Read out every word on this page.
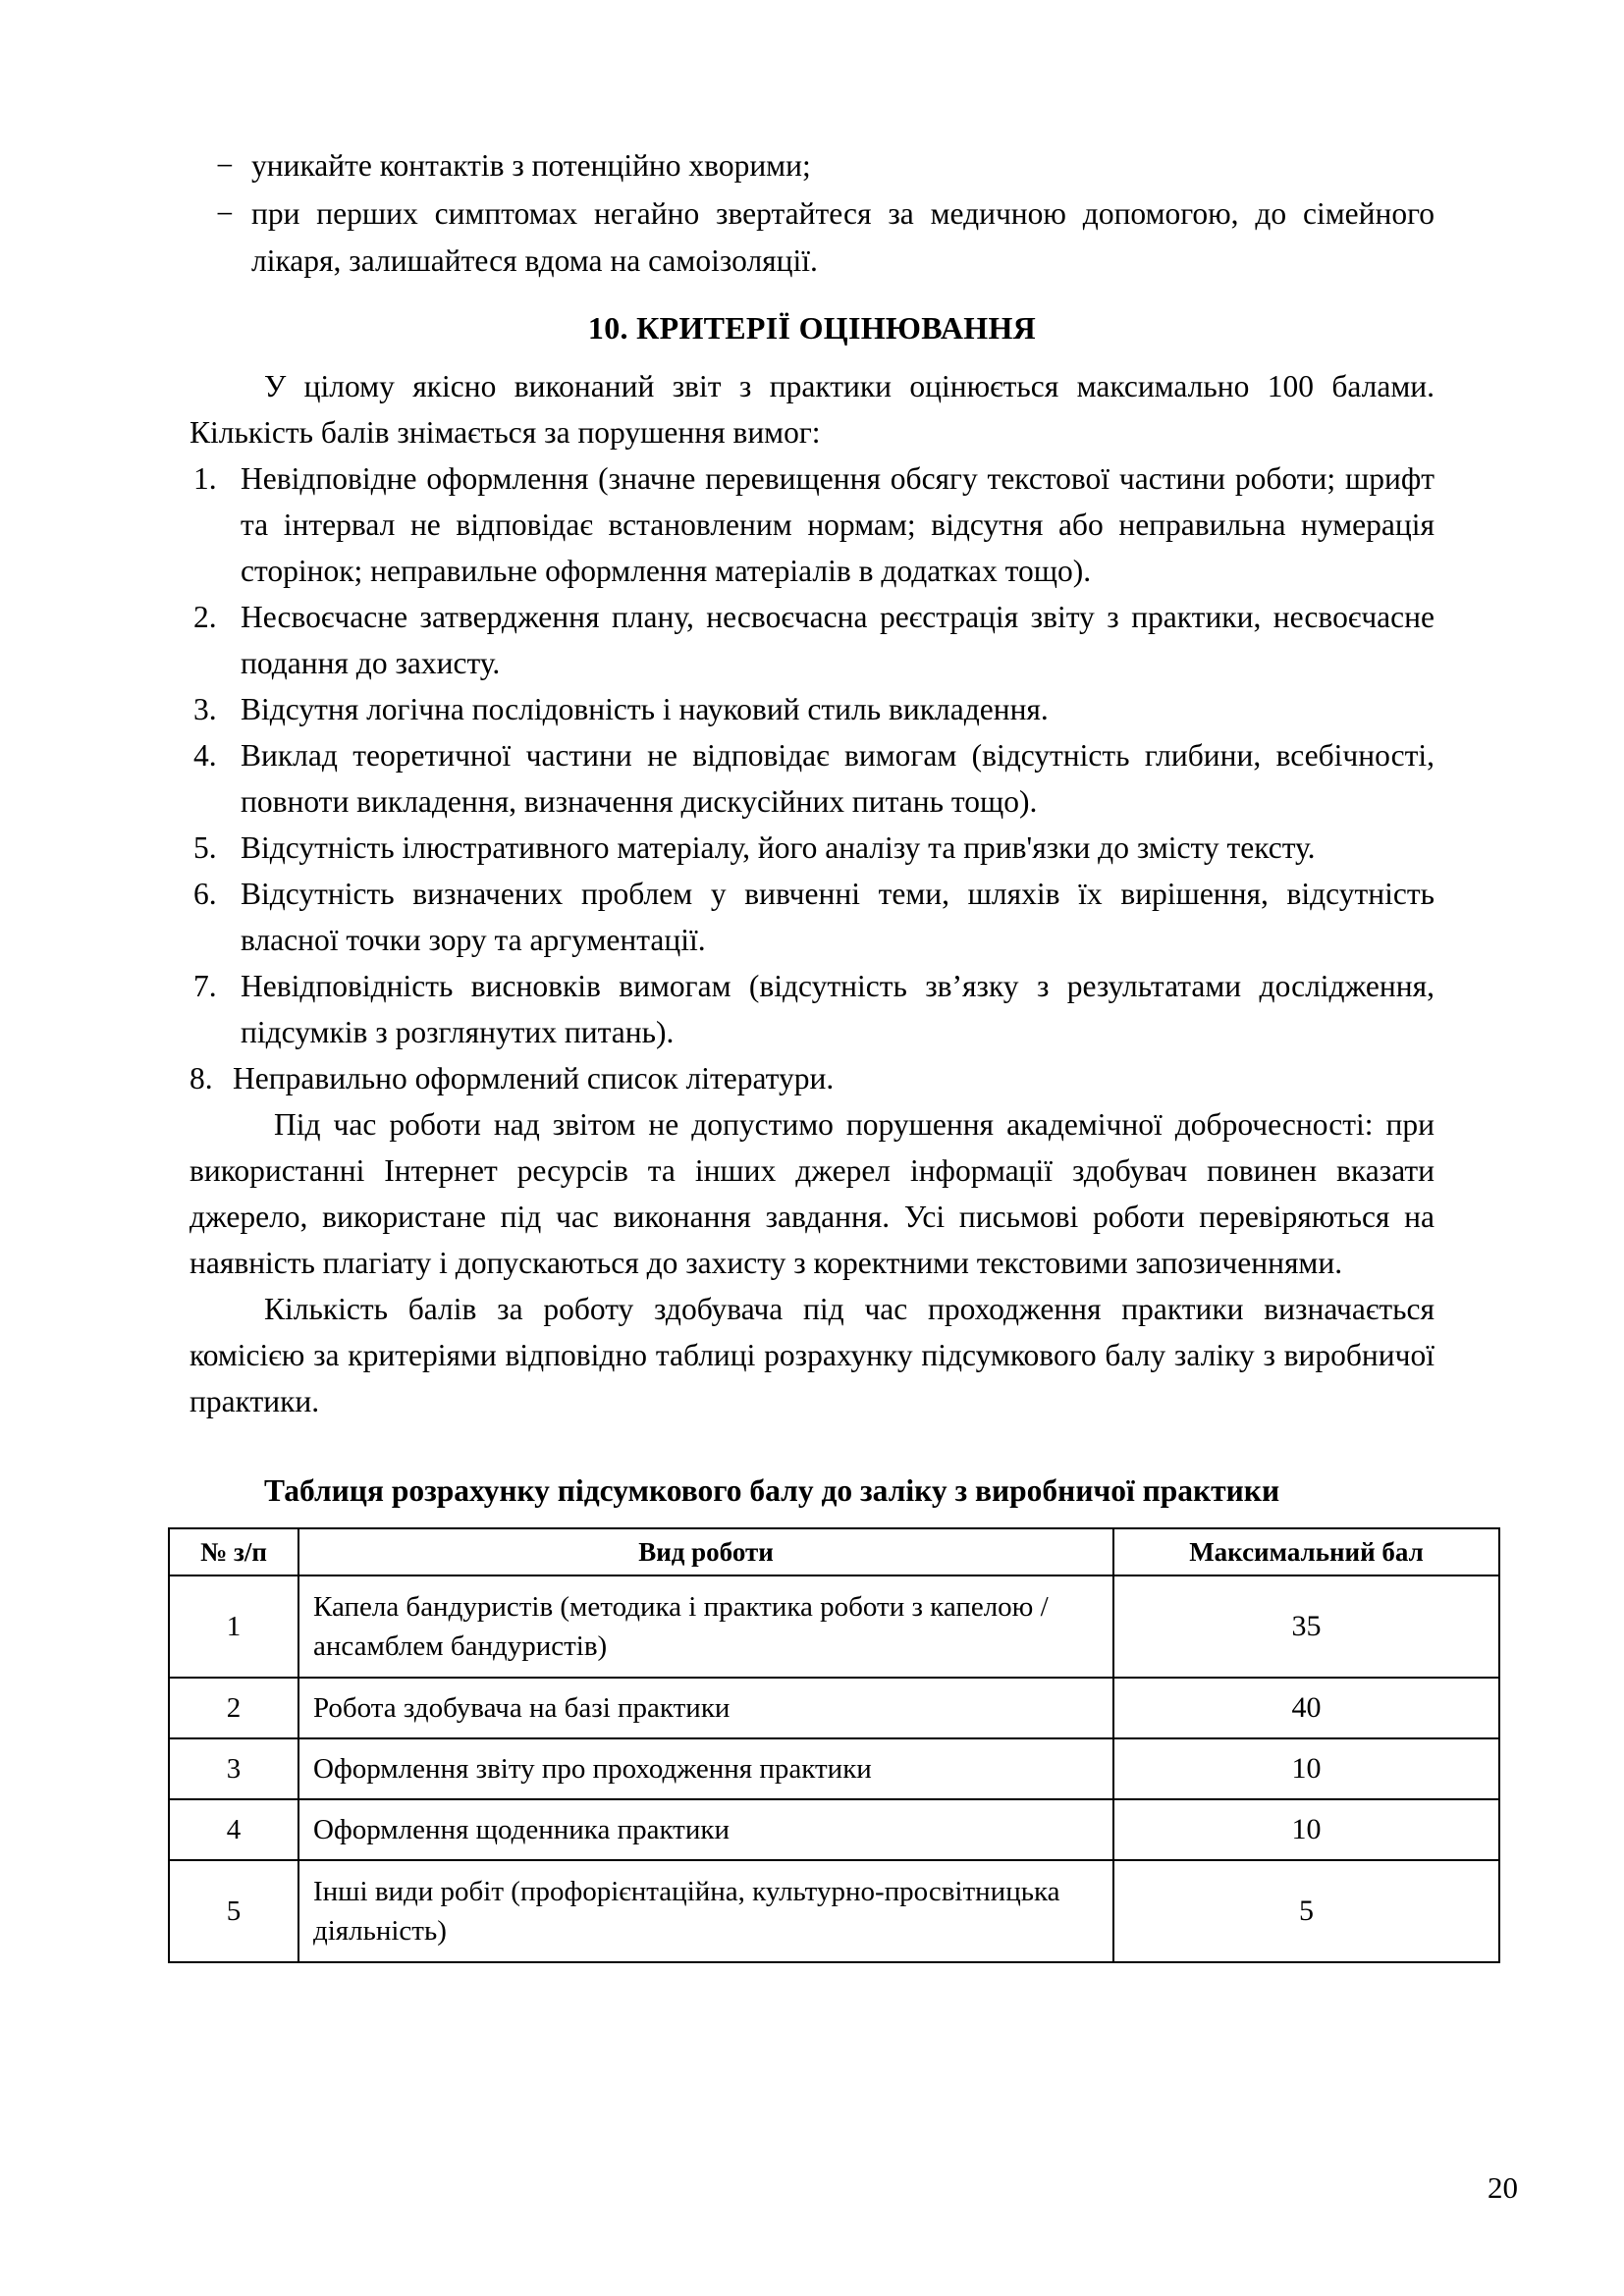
− уникайте контактів з потенційно хворими;
− при перших симптомах негайно звертайтеся за медичною допомогою, до сімейного лікаря, залишайтеся вдома на самоізоляції.
10. КРИТЕРІЇ ОЦІНЮВАННЯ

У цілому якісно виконаний звіт з практики оцінюється максимально 100 балами. Кількість балів знімається за порушення вимог:

1. Невідповідне оформлення (значне перевищення обсягу текстової частини роботи; шрифт та інтервал не відповідає встановленим нормам; відсутня або неправильна нумерація сторінок; неправильне оформлення матеріалів в додатках тощо).
2. Несвоєчасне затвердження плану, несвоєчасна реєстрація звіту з практики, несвоєчасне подання до захисту.
3. Відсутня логічна послідовність і науковий стиль викладення.
4. Виклад теоретичної частини не відповідає вимогам (відсутність глибини, всебічності, повноти викладення, визначення дискусійних питань тощо).
5. Відсутність ілюстративного матеріалу, його аналізу та прив'язки до змісту тексту.
6. Відсутність визначених проблем у вивченні теми, шляхів їх вирішення, відсутність власної точки зору та аргументації.
7. Невідповідність висновків вимогам (відсутність зв’язку з результатами дослідження, підсумків з розглянутих питань).
8. Неправильно оформлений список літератури.

Під час роботи над звітом не допустимо порушення академічної доброчесності: при використанні Інтернет ресурсів та інших джерел інформації здобувач повинен вказати джерело, використане під час виконання завдання. Усі письмові роботи перевіряються на наявність плагіату і допускаються до захисту з коректними текстовими запозиченнями.

Кількість балів за роботу здобувача під час проходження практики визначається комісією за критеріями відповідно таблиці розрахунку підсумкового балу заліку з виробничої практики.

Таблиця розрахунку підсумкового балу до заліку з виробничої практики

№ з/п	Вид роботи	Максимальний бал
1	Капела бандуристів (методика і практика роботи з капелою / ансамблем бандуристів)	35
2	Робота здобувача на базі практики	40
3	Оформлення звіту про проходження практики	10
4	Оформлення щоденника практики	10
5	Інші види робіт (профорієнтаційна, культурно-просвітницька діяльність)	5
20
